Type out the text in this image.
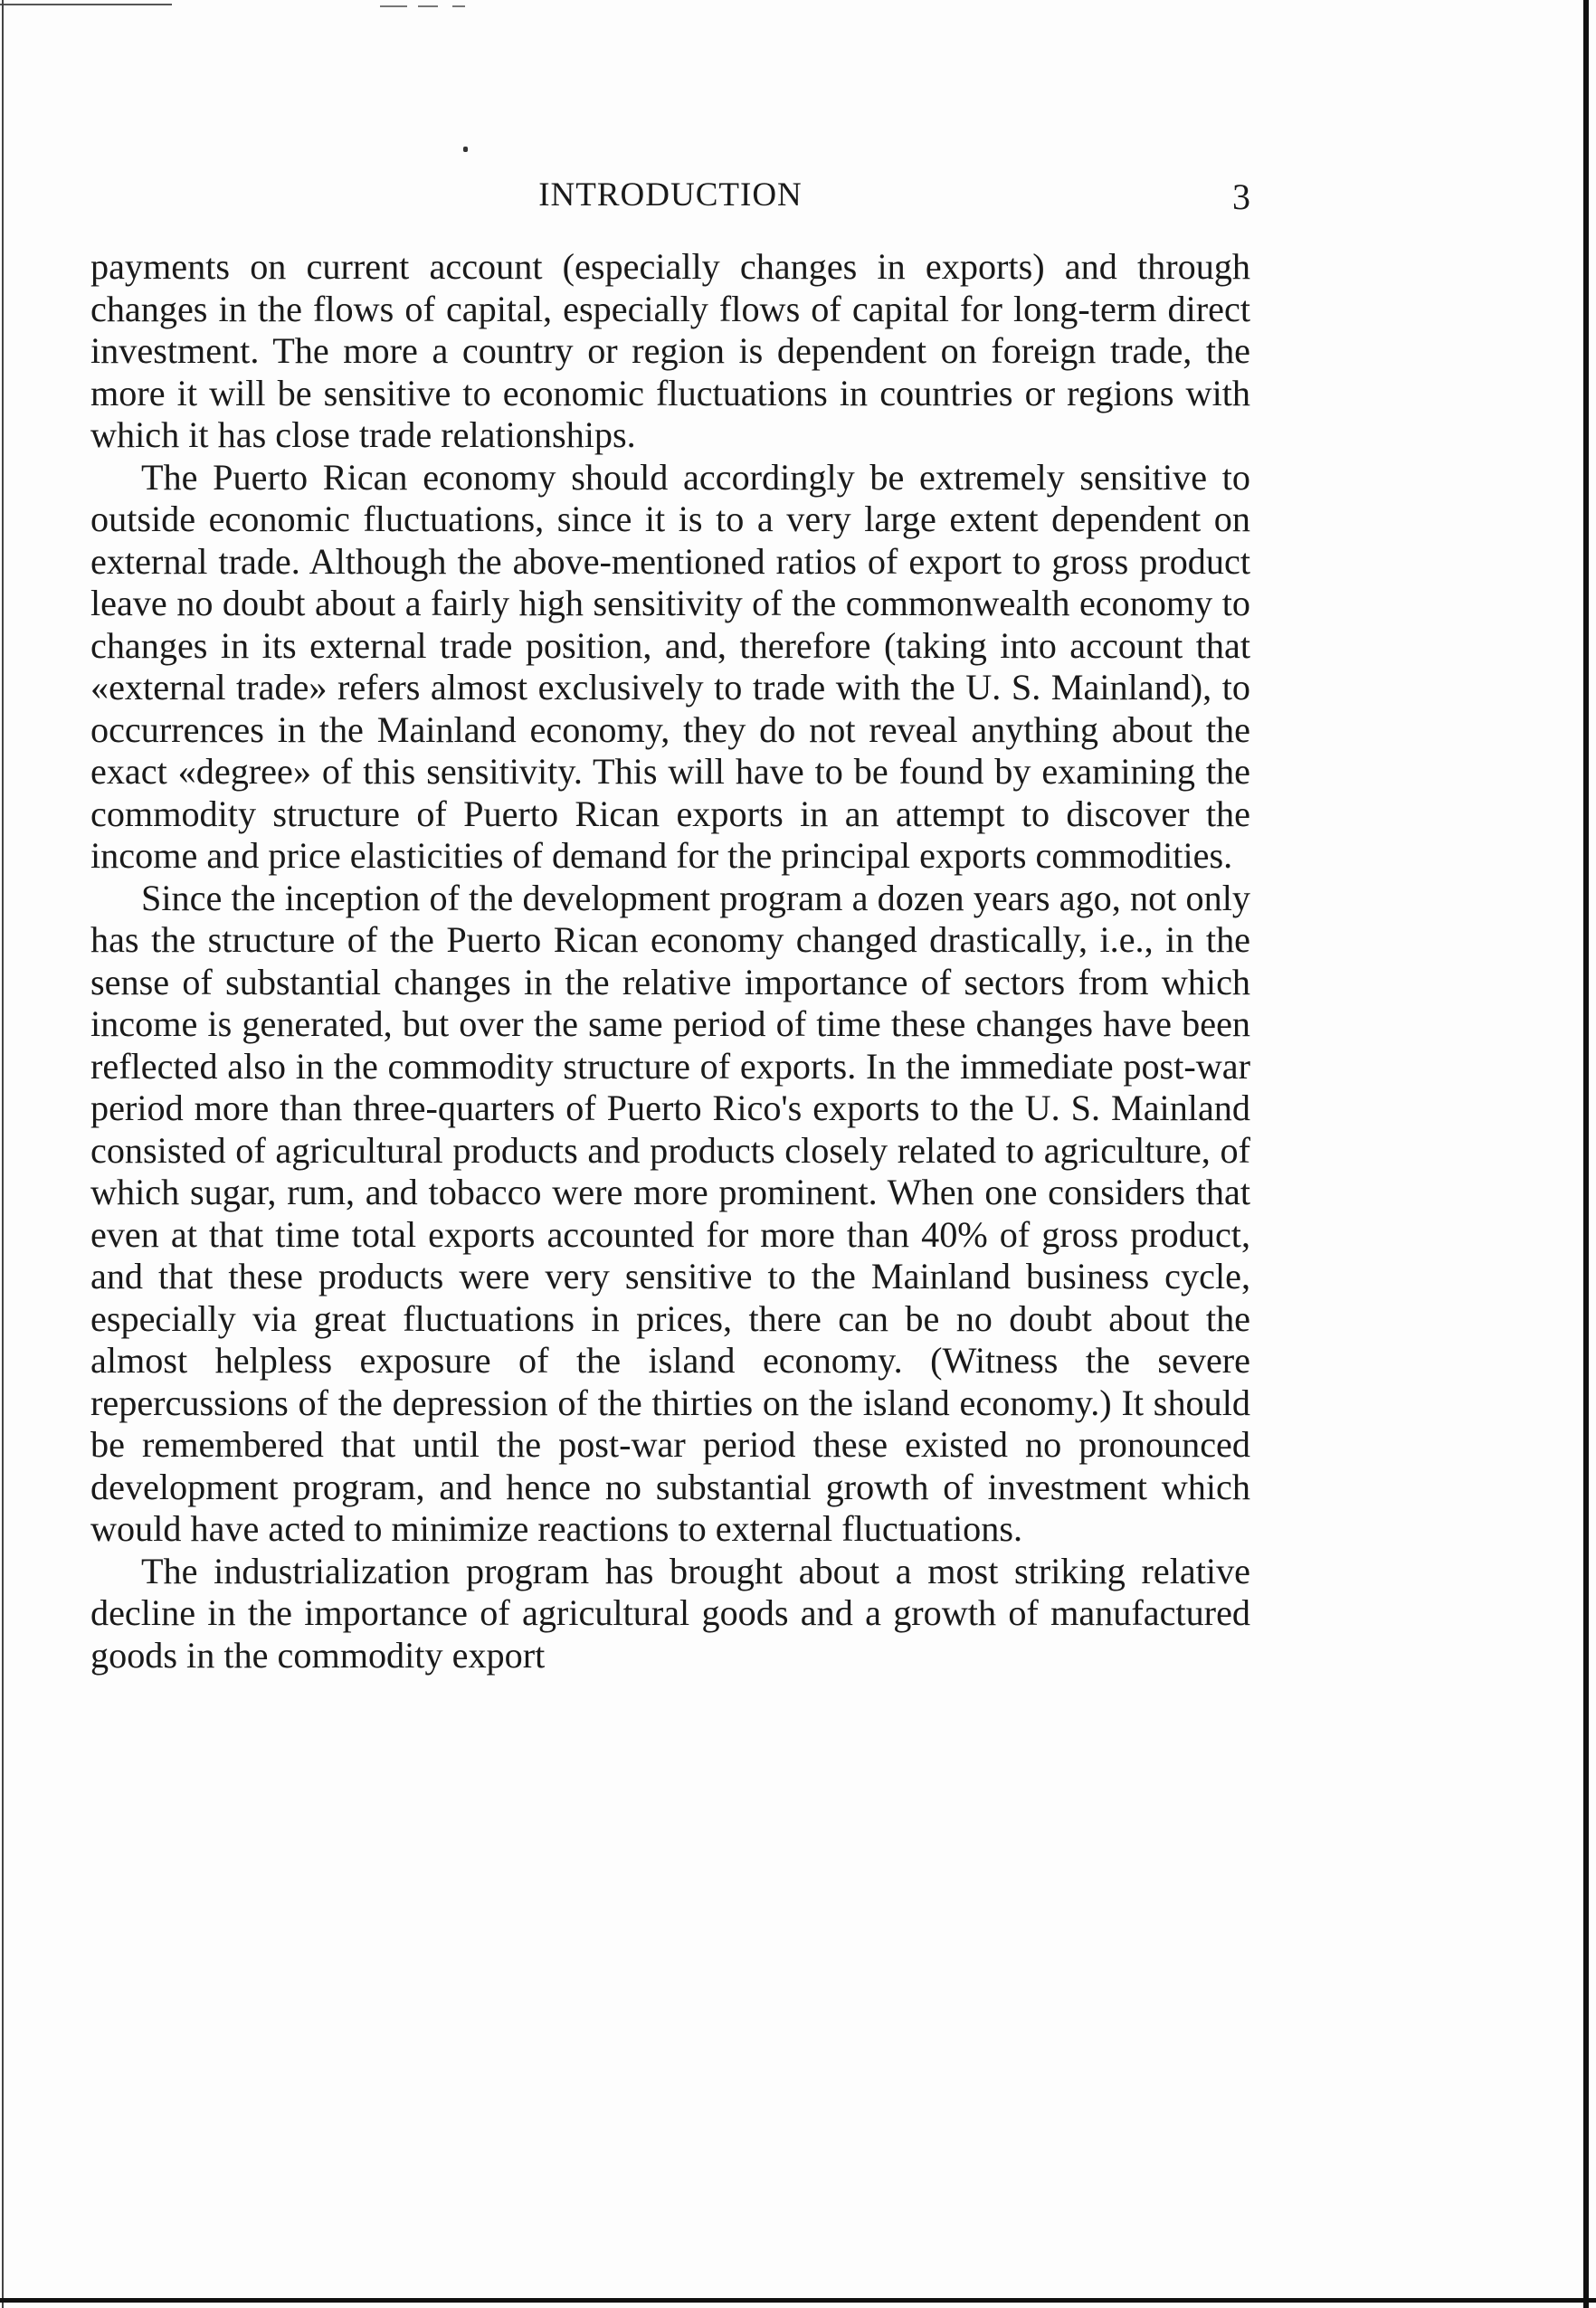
INTRODUCTION	3

payments on current account (especially changes in exports) and through changes in the flows of capital, especially flows of capital for long-term direct investment. The more a country or region is dependent on foreign trade, the more it will be sensitive to economic fluctuations in countries or regions with which it has close trade relationships.

The Puerto Rican economy should accordingly be extremely sensitive to outside economic fluctuations, since it is to a very large extent dependent on external trade. Although the above-mentioned ratios of export to gross product leave no doubt about a fairly high sensitivity of the commonwealth economy to changes in its external trade position, and, therefore (taking into account that «external trade» refers almost exclusively to trade with the U. S. Mainland), to occurrences in the Mainland economy, they do not reveal anything about the exact «degree» of this sensitivity. This will have to be found by examining the commodity structure of Puerto Rican exports in an attempt to discover the income and price elasticities of demand for the principal exports commodities.

Since the inception of the development program a dozen years ago, not only has the structure of the Puerto Rican economy changed drastically, i.e., in the sense of substantial changes in the relative importance of sectors from which income is generated, but over the same period of time these changes have been reflected also in the commodity structure of exports. In the immediate post-war period more than three-quarters of Puerto Rico's exports to the U. S. Mainland consisted of agricultural products and products closely related to agriculture, of which sugar, rum, and tobacco were more prominent. When one considers that even at that time total exports accounted for more than 40% of gross product, and that these products were very sensitive to the Mainland business cycle, especially via great fluctuations in prices, there can be no doubt about the almost helpless exposure of the island economy. (Witness the severe repercussions of the depression of the thirties on the island economy.) It should be remembered that until the post-war period these existed no pronounced development program, and hence no substantial growth of investment which would have acted to minimize reactions to external fluctuations.

The industrialization program has brought about a most striking relative decline in the importance of agricultural goods and a growth of manufactured goods in the commodity export
